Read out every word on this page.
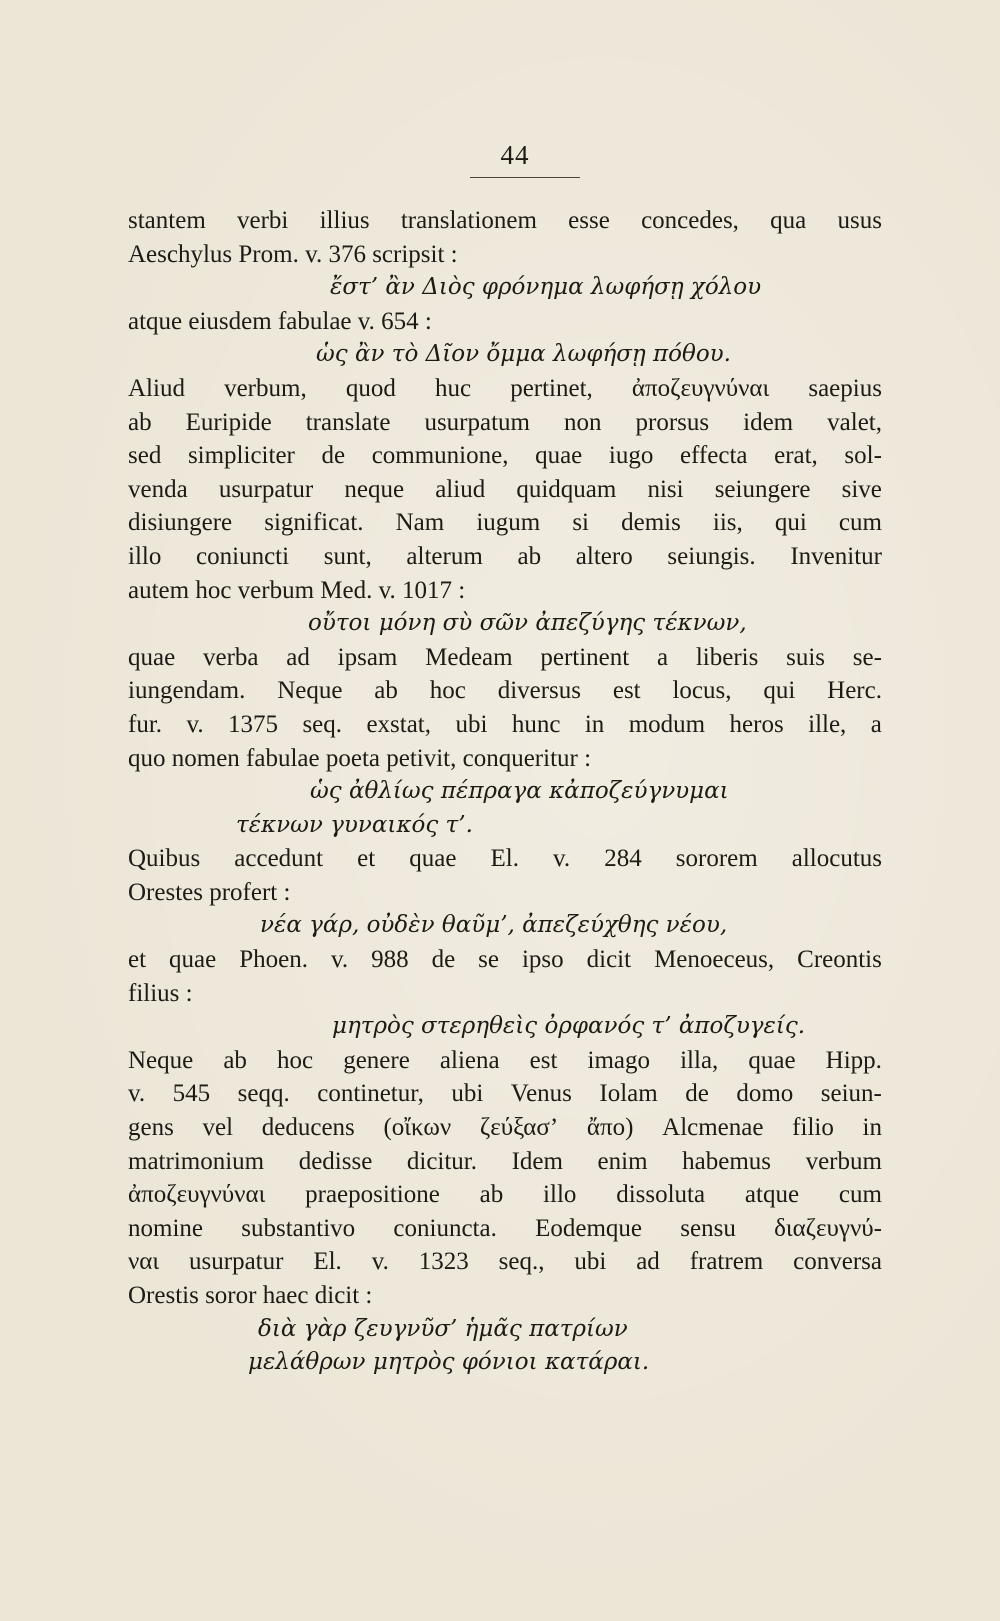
44
stantem verbi illius translationem esse concedes, qua usus
Aeschylus Prom. v. 376 scripsit :
ἔστ’ ἂν Διὸς φρόνημα λωφήσῃ χόλου
atque eiusdem fabulae v. 654 :
ὡς ἂν τὸ Δῖον ὄμμα λωφήσῃ πόθου.
Aliud verbum, quod huc pertinet, ἀποζευγνύναι saepius
ab Euripide translate usurpatum non prorsus idem valet,
sed simpliciter de communione, quae iugo effecta erat, sol-
venda usurpatur neque aliud quidquam nisi seiungere sive
disiungere significat. Nam iugum si demis iis, qui cum
illo coniuncti sunt, alterum ab altero seiungis. Invenitur
autem hoc verbum Med. v. 1017 :
οὔτοι μόνη σὺ σῶν ἀπεζύγης τέκνων,
quae verba ad ipsam Medeam pertinent a liberis suis se-
iungendam. Neque ab hoc diversus est locus, qui Herc.
fur. v. 1375 seq. exstat, ubi hunc in modum heros ille, a
quo nomen fabulae poeta petivit, conqueritur :
ὡς ἀθλίως πέπραγα κἀποζεύγνυμαι
τέκνων γυναικός τ’.
Quibus accedunt et quae El. v. 284 sororem allocutus
Orestes profert :
νέα γάρ, οὐδὲν θαῦμ’, ἀπεζεύχθης νέου,
et quae Phoen. v. 988 de se ipso dicit Menoeceus, Creontis
filius :
μητρὸς στερηθεὶς ὀρφανός τ’ ἀποζυγείς.
Neque ab hoc genere aliena est imago illa, quae Hipp.
v. 545 seqq. continetur, ubi Venus Iolam de domo seiun-
gens vel deducens (οἴκων ζεύξασ’ ἄπο) Alcmenae filio in
matrimonium dedisse dicitur. Idem enim habemus verbum
ἀποζευγνύναι praepositione ab illo dissoluta atque cum
nomine substantivo coniuncta. Eodemque sensu διαζευγνύ-
ναι usurpatur El. v. 1323 seq., ubi ad fratrem conversa
Orestis soror haec dicit :
διὰ γὰρ ζευγνῦσ’ ἡμᾶς πατρίων
μελάθρων μητρὸς φόνιοι κατάραι.
